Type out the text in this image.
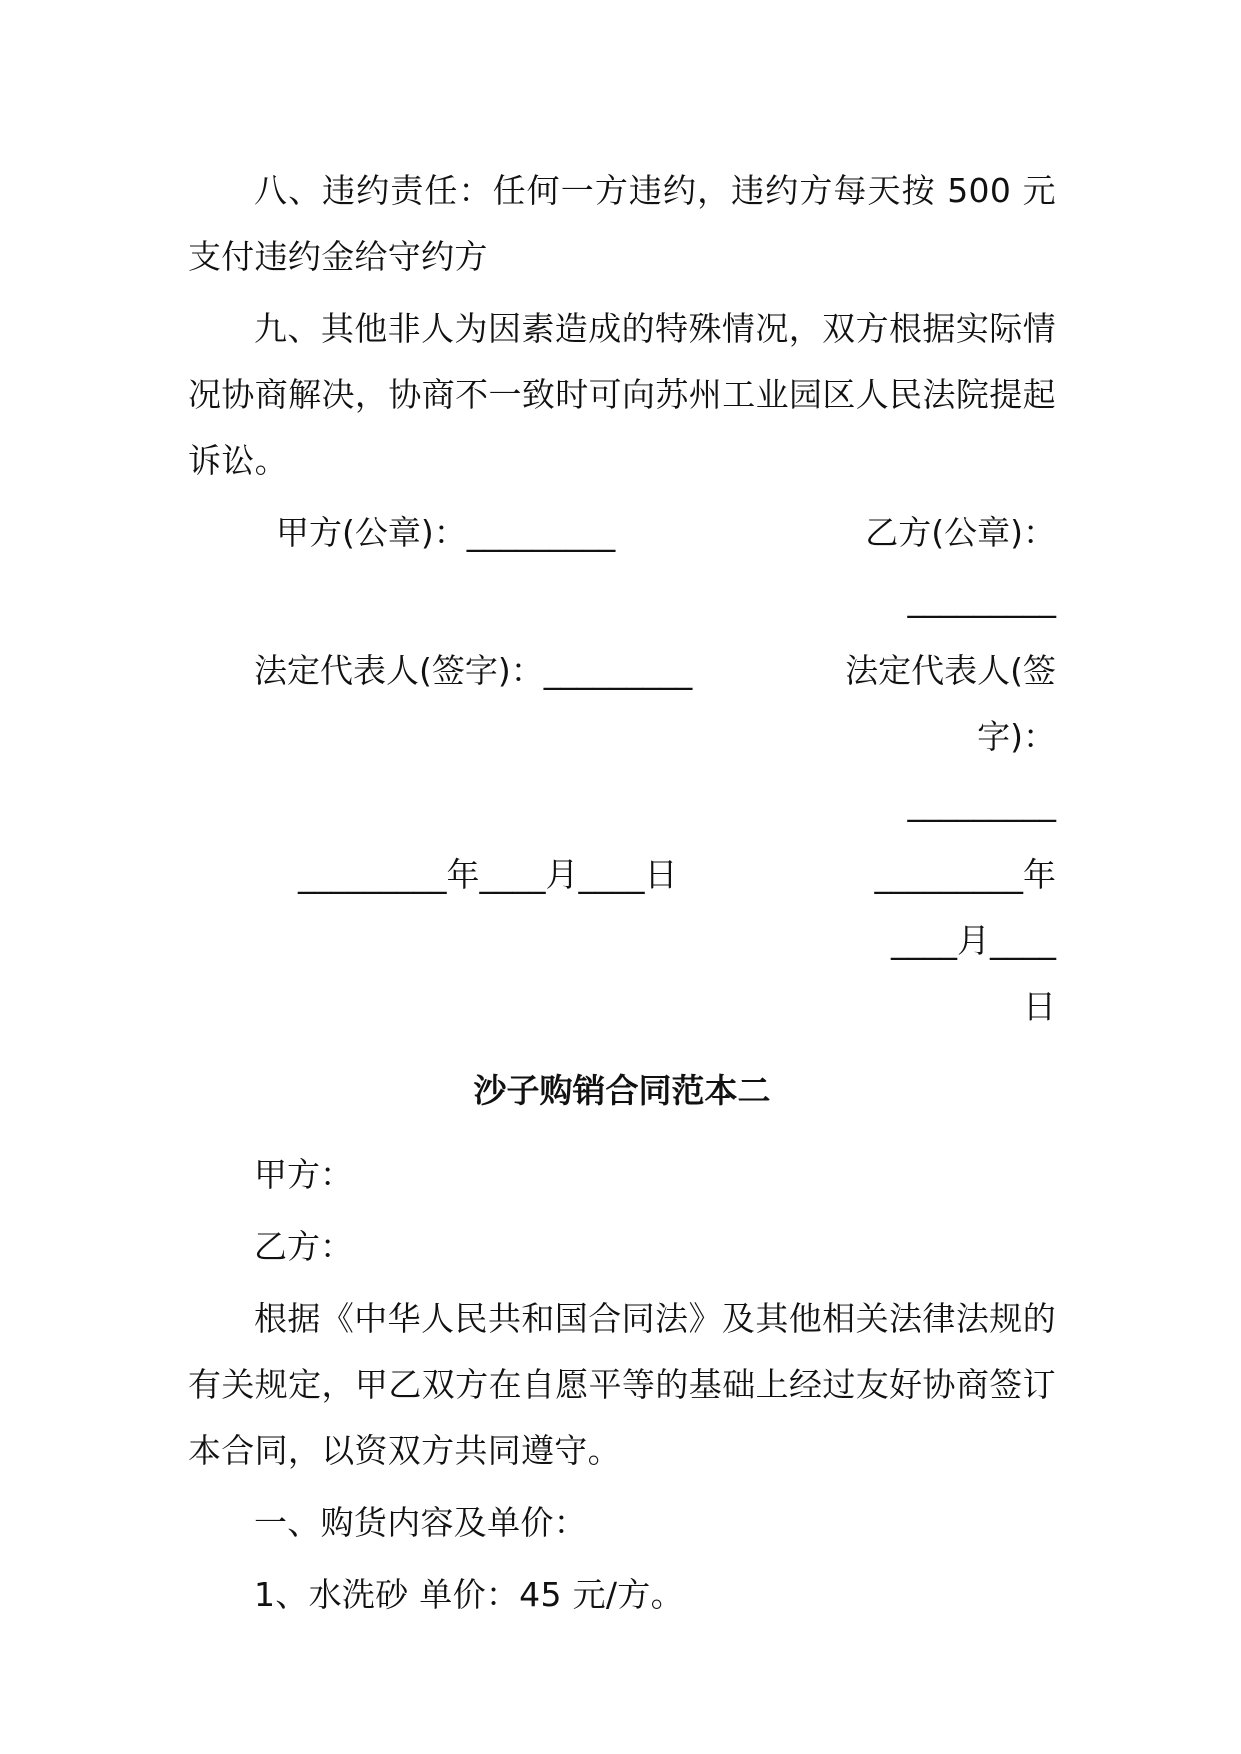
八、违约责任：任何一方违约，违约方每天按 500 元支付违约金给守约方

九、其他非人为因素造成的特殊情况，双方根据实际情况协商解决，协商不一致时可向苏州工业园区人民法院提起诉讼。

甲方(公章)：_________	乙方(公章)：_________
法定代表人(签字)：_________	法定代表人(签字)：_________
_________年____月____日	_________年____月____日
沙子购销合同范本二

甲方：

乙方：

根据《中华人民共和国合同法》及其他相关法律法规的有关规定，甲乙双方在自愿平等的基础上经过友好协商签订本合同，以资双方共同遵守。

一、购货内容及单价：

1、水洗砂 单价：45 元/方。
